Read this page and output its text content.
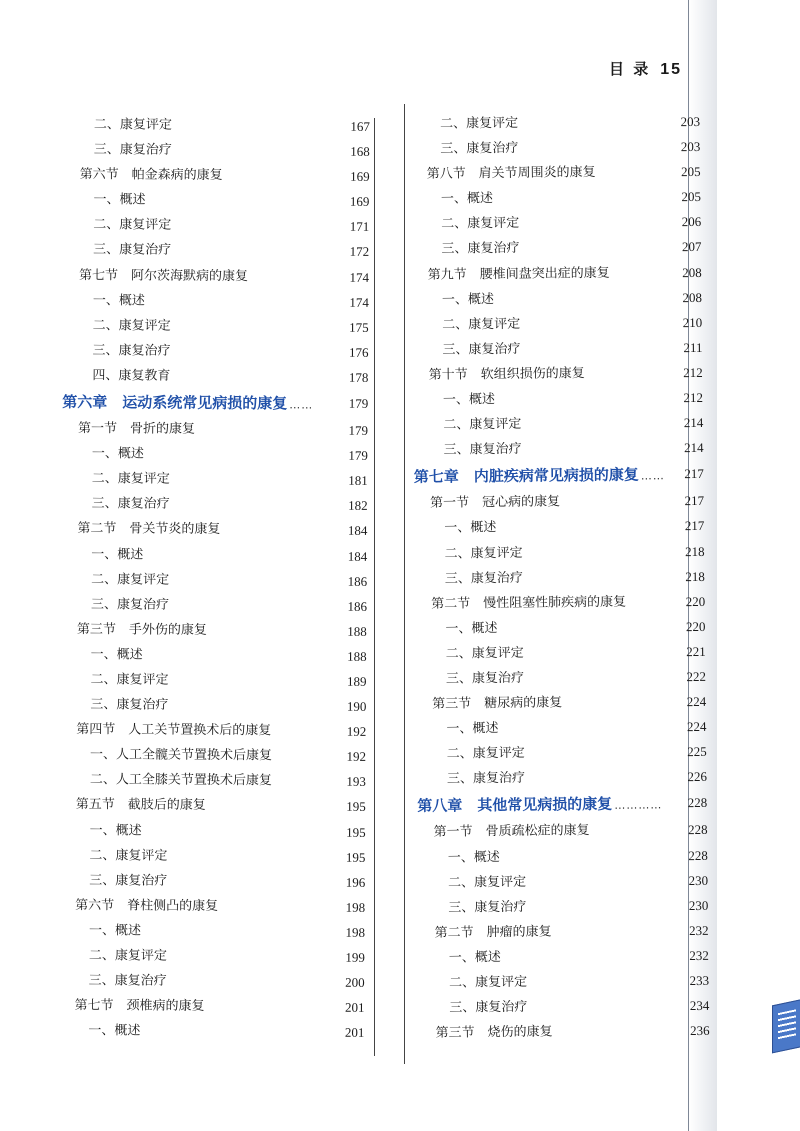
目 录 15
二、康复评定	167
三、康复治疗	168
第六节　帕金森病的康复	169
一、概述	169
二、康复评定	171
三、康复治疗	172
第七节　阿尔茨海默病的康复	174
一、概述	174
二、康复评定	175
三、康复治疗	176
四、康复教育	178
第六章　运动系统常见病损的康复 ……	179
第一节　骨折的康复	179
一、概述	179
二、康复评定	181
三、康复治疗	182
第二节　骨关节炎的康复	184
一、概述	184
二、康复评定	186
三、康复治疗	186
第三节　手外伤的康复	188
一、概述	188
二、康复评定	189
三、康复治疗	190
第四节　人工关节置换术后的康复	192
一、人工全髋关节置换术后康复	192
二、人工全膝关节置换术后康复	193
第五节　截肢后的康复	195
一、概述	195
二、康复评定	195
三、康复治疗	196
第六节　脊柱侧凸的康复	198
一、概述	198
二、康复评定	199
三、康复治疗	200
第七节　颈椎病的康复	201
一、概述	201
二、康复评定	203
三、康复治疗	203
第八节　肩关节周围炎的康复	205
一、概述	205
二、康复评定	206
三、康复治疗	207
第九节　腰椎间盘突出症的康复	208
一、概述	208
二、康复评定	210
三、康复治疗	211
第十节　软组织损伤的康复	212
一、概述	212
二、康复评定	214
三、康复治疗	214
第七章　内脏疾病常见病损的康复 …… 217
第一节　冠心病的康复	217
一、概述	217
二、康复评定	218
三、康复治疗	218
第二节　慢性阻塞性肺疾病的康复	220
一、概述	220
二、康复评定	221
三、康复治疗	222
第三节　糖尿病的康复	224
一、概述	224
二、康复评定	225
三、康复治疗	226
第八章　其他常见病损的康复 ………… 228
第一节　骨质疏松症的康复	228
一、概述	228
二、康复评定	230
三、康复治疗	230
第二节　肿瘤的康复	232
一、概述	232
二、康复评定	233
三、康复治疗	234
第三节　烧伤的康复	236
